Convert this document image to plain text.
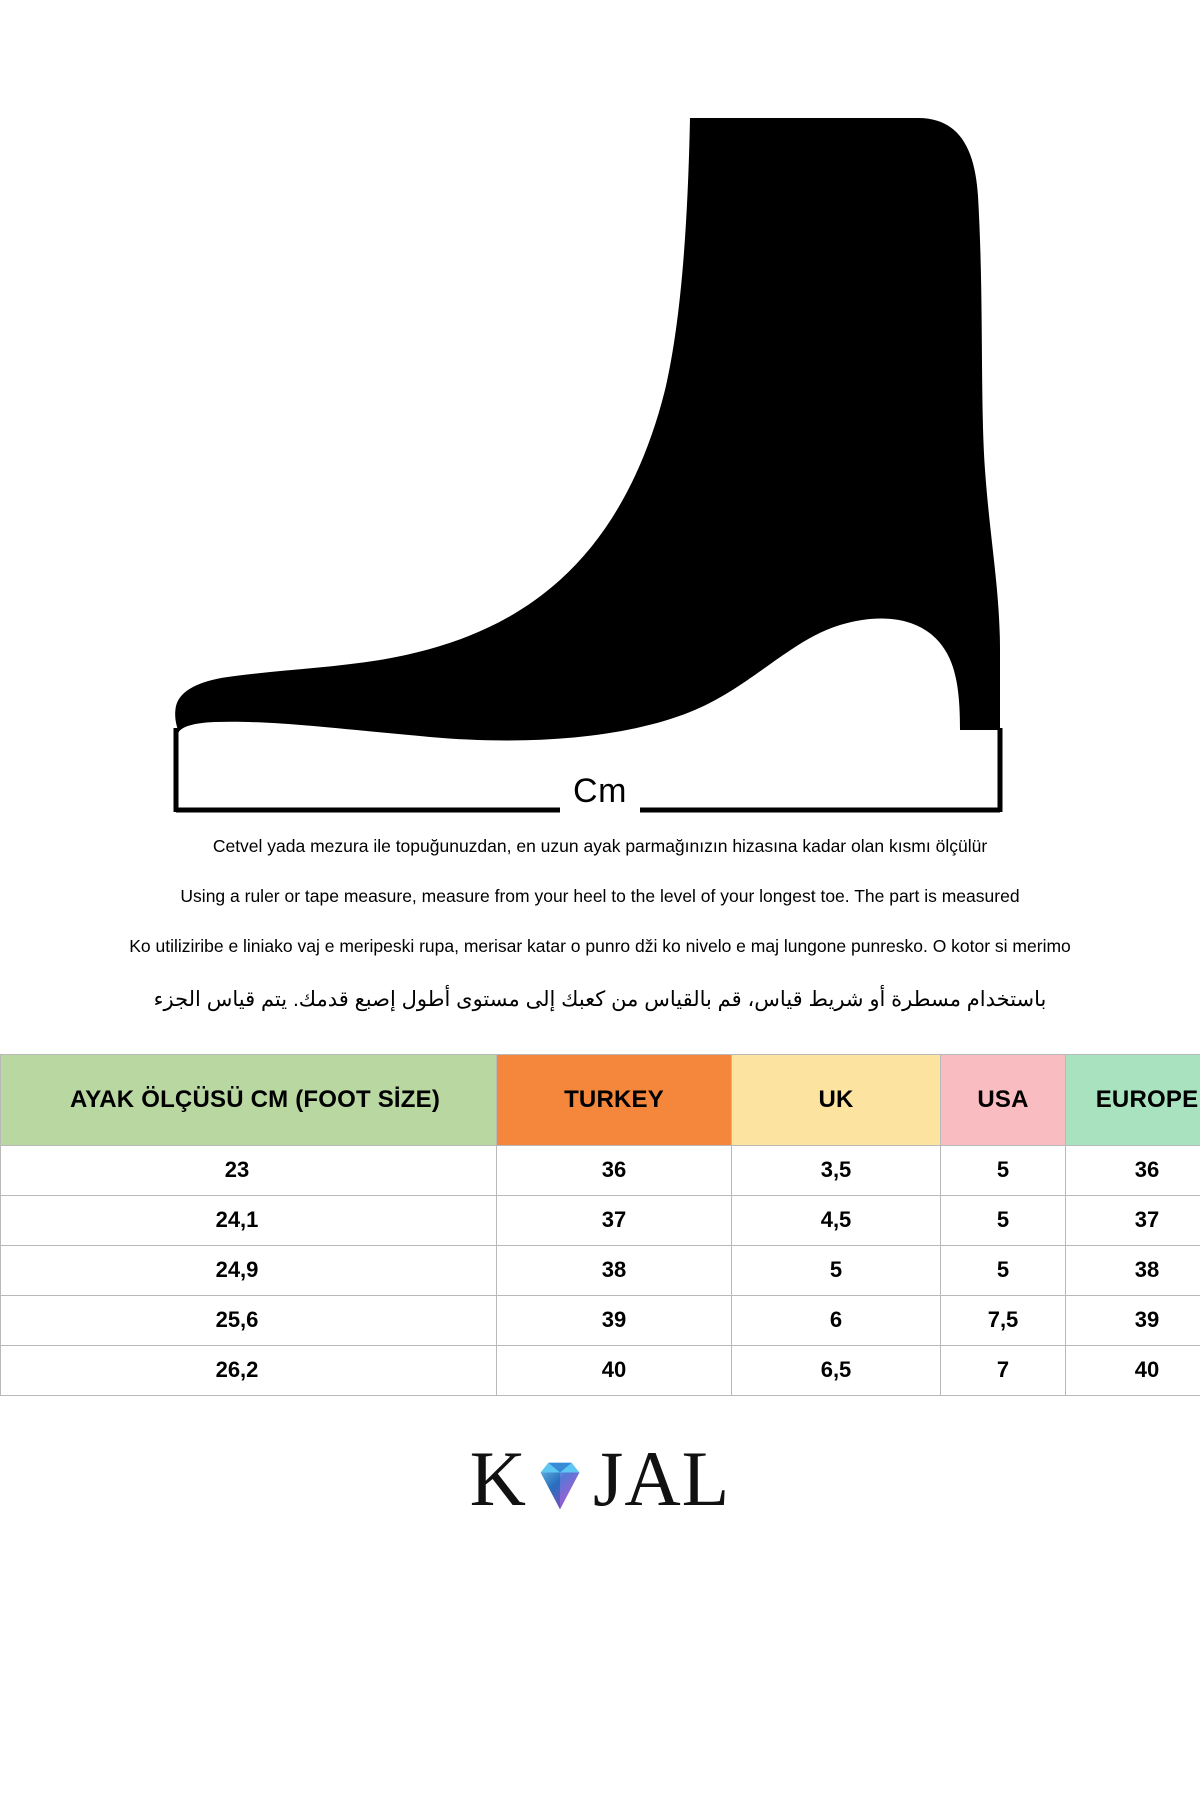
Cm

Cetvel yada mezura ile topuğunuzdan, en uzun ayak parmağınızın hizasına kadar olan kısmı ölçülür

Using a ruler or tape measure, measure from your heel to the level of your longest toe. The part is measured

Ko utiliziribe e liniako vaj e meripeski rupa, merisar katar o punro dži ko nivelo e maj lungone punresko. O kotor si merimo

باستخدام مسطرة أو شريط قياس، قم بالقياس من كعبك إلى مستوى أطول إصبع قدمك. يتم قياس الجزء

AYAK ÖLÇÜSÜ CM (FOOT SİZE)	TURKEY	UK	USA	EUROPE
23	36	3,5	5	36
24,1	37	4,5	5	37
24,9	38	5	5	38
25,6	39	6	7,5	39
26,2	40	6,5	7	40
K JAL
